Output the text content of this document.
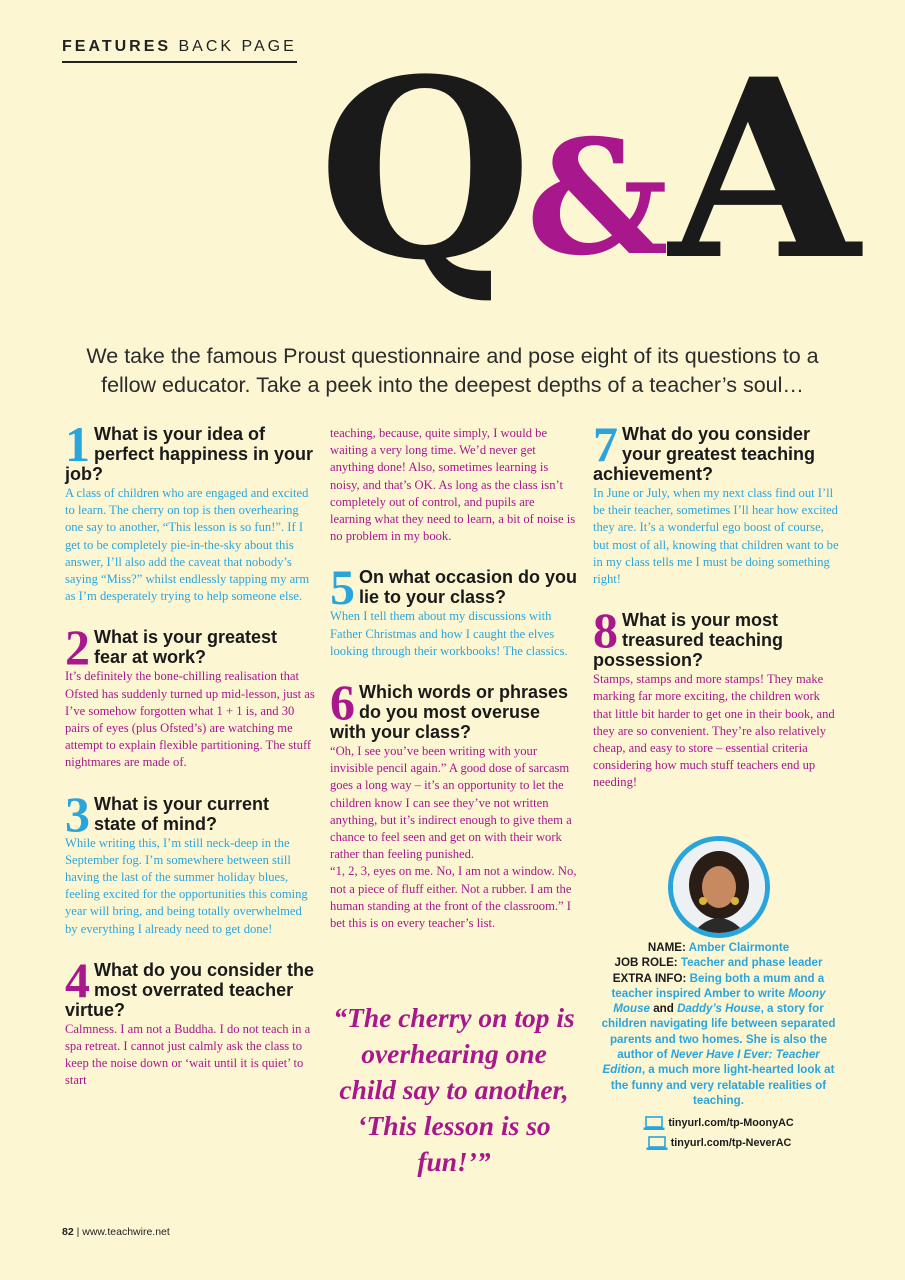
FEATURES BACK PAGE Q&A
We take the famous Proust questionnaire and pose eight of its questions to a fellow educator. Take a peek into the deepest depths of a teacher’s soul…
1 What is your idea of perfect happiness in your job?

A class of children who are engaged and excited to learn. The cherry on top is then overhearing one say to another, “This lesson is so fun!”. If I get to be completely pie-in-the-sky about this answer, I’ll also add the caveat that nobody’s saying “Miss?” whilst endlessly tapping my arm as I’m desperately trying to help someone else.

2 What is your greatest fear at work?

It’s definitely the bone-chilling realisation that Ofsted has suddenly turned up mid-lesson, just as I’ve somehow forgotten what 1 + 1 is, and 30 pairs of eyes (plus Ofsted’s) are watching me attempt to explain flexible partitioning. The stuff nightmares are made of.

3 What is your current state of mind?

While writing this, I’m still neck-deep in the September fog. I’m somewhere between still having the last of the summer holiday blues, feeling excited for the opportunities this coming year will bring, and being totally overwhelmed by everything I already need to get done!

4 What do you consider the most overrated teacher virtue?

Calmness. I am not a Buddha. I do not teach in a spa retreat. I cannot just calmly ask the class to keep the noise down or ‘wait until it is quiet’ to start

teaching, because, quite simply, I would be waiting a very long time. We’d never get anything done! Also, sometimes learning is noisy, and that’s OK. As long as the class isn’t completely out of control, and pupils are learning what they need to learn, a bit of noise is no problem in my book.

5 On what occasion do you lie to your class?

When I tell them about my discussions with Father Christmas and how I caught the elves looking through their workbooks! The classics.

6 Which words or phrases do you most overuse with your class?

“Oh, I see you’ve been writing with your invisible pencil again.” A good dose of sarcasm goes a long way – it’s an opportunity to let the children know I can see they’ve not written anything, but it’s indirect enough to give them a chance to feel seen and get on with their work rather than feeling punished.

“1, 2, 3, eyes on me. No, I am not a window. No, not a piece of fluff either. Not a rubber. I am the human standing at the front of the classroom.” I bet this is on every teacher’s list.

“The cherry on top is overhearing one child say to another, ‘This lesson is so fun!’”
7 What do you consider your greatest teaching achievement?

In June or July, when my next class find out I’ll be their teacher, sometimes I’ll hear how excited they are. It’s a wonderful ego boost of course, but most of all, knowing that children want to be in my class tells me I must be doing something right!

8 What is your most treasured teaching possession?

Stamps, stamps and more stamps! They make marking far more exciting, the children work that little bit harder to get one in their book, and they are so convenient. They’re also relatively cheap, and easy to store – essential criteria considering how much stuff teachers end up needing!

NAME: Amber Clairmonte
JOB ROLE: Teacher and phase leader
EXTRA INFO: Being both a mum and a teacher inspired Amber to write Moony Mouse and Daddy’s House, a story for children navigating life between separated parents and two homes. She is also the author of Never Have I Ever: Teacher Edition, a much more light-hearted look at the funny and very relatable realities of teaching.
tinyurl.com/tp-MoonyAC
tinyurl.com/tp-NeverAC
82 | www.teachwire.net
